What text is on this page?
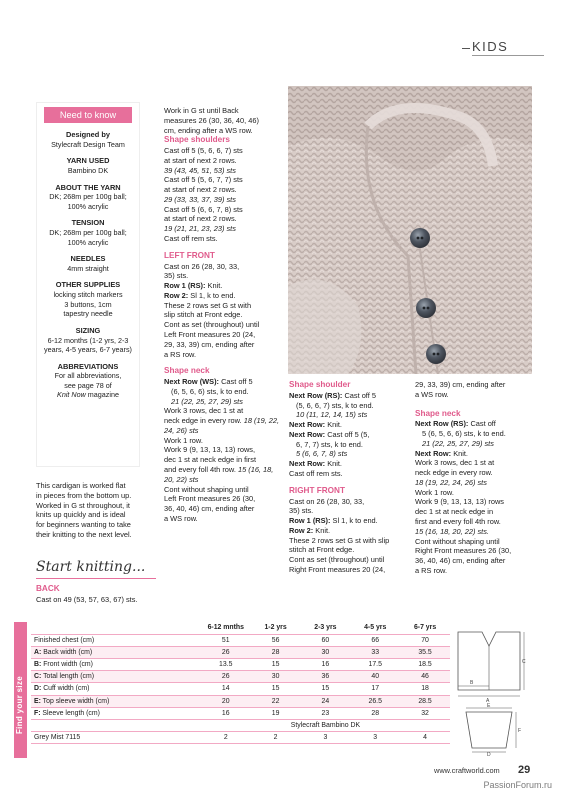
KIDS
Need to know
Designed by
Stylecraft Design Team
YARN USED
Bambino DK
ABOUT THE YARN
DK; 268m per 100g ball;
100% acrylic
TENSION
DK; 268m per 100g ball;
100% acrylic
NEEDLES
4mm straight
OTHER SUPPLIES
locking stitch markers
3 buttons, 1cm
tapestry needle
SIZING
6-12 months (1-2 yrs, 2-3
years, 4-5 years, 6-7 years)
ABBREVIATIONS
For all abbreviations,
see page 78 of
Knit Now magazine

This cardigan is worked flat

in pieces from the bottom up.

Worked in G st throughout, it

knits up quickly and is ideal

for beginners wanting to take

their knitting to the next level.

Start knitting...

BACK

Cast on 49 (53, 57, 63, 67) sts.

Work in G st until Back

measures 26 (30, 36, 40, 46)

cm, ending after a WS row.

Shape shoulders

Cast off 5 (5, 6, 6, 7) sts

at start of next 2 rows.

39 (43, 45, 51, 53) sts

Cast off 5 (5, 6, 7, 7) sts

at start of next 2 rows.

29 (33, 33, 37, 39) sts

Cast off 5 (6, 6, 7, 8) sts

at start of next 2 rows.

19 (21, 21, 23, 23) sts

Cast off rem sts.

LEFT FRONT

Cast on 26 (28, 30, 33,

35) sts.

Row 1 (RS): Knit.

Row 2: Sl 1, k to end.

These 2 rows set G st with

slip stitch at Front edge.

Cont as set (throughout) until

Left Front measures 20 (24,

29, 33, 39) cm, ending after

a RS row.

Shape neck

Next Row (WS): Cast off 5

(6, 5, 6, 6) sts, k to end.

21 (22, 25, 27, 29) sts

Work 3 rows, dec 1 st at

neck edge in every row. 18 (19, 22, 24, 26) sts

Work 1 row.

Work 9 (9, 13, 13, 13) rows,

dec 1 st at neck edge in first

and every foll 4th row. 15 (16, 18, 20, 22) sts

Cont without shaping until

Left Front measures 26 (30,

36, 40, 46) cm, ending after

a WS row.

Shape shoulder

Next Row (RS): Cast off 5

(5, 6, 6, 7) sts, k to end.

10 (11, 12, 14, 15) sts

Next Row: Knit.

Next Row: Cast off 5 (5,

6, 7, 7) sts, k to end.

5 (6, 6, 7, 8) sts

Next Row: Knit.

Cast off rem sts.

RIGHT FRONT

Cast on 26 (28, 30, 33,

35) sts.

Row 1 (RS): Sl 1, k to end.

Row 2: Knit.

These 2 rows set G st with slip

stitch at Front edge.

Cont as set (throughout) until

Right Front measures 20 (24,

29, 33, 39) cm, ending after

a WS row.

Shape neck

Next Row (RS): Cast off

5 (6, 5, 6, 6) sts, k to end.

21 (22, 25, 27, 29) sts

Next Row: Knit.

Work 3 rows, dec 1 st at

neck edge in every row.

18 (19, 22, 24, 26) sts

Work 1 row.

Work 9 (9, 13, 13, 13) rows

dec 1 st at neck edge in

first and every foll 4th row.

15 (16, 18, 20, 22) sts.

Cont without shaping until

Right Front measures 26 (30,

36, 40, 46) cm, ending after

a RS row.

Find your size
	6-12 mnths	1-2 yrs	2-3 yrs	4-5 yrs	6-7 yrs
Finished chest (cm)	51	56	60	66	70
A: Back width (cm)	26	28	30	33	35.5
B: Front width (cm)	13.5	15	16	17.5	18.5
C: Total length (cm)	26	30	36	40	46
D: Cuff width (cm)	14	15	15	17	18
E: Top sleeve width (cm)	20	22	24	26.5	28.5
F: Sleeve length (cm)	16	19	23	28	32
	Stylecraft Bambino DK				
Grey Mist 7115	2	2	3	3	4
A
B
C
E
D
F
www.craftworld.com 29
PassionForum.ru
